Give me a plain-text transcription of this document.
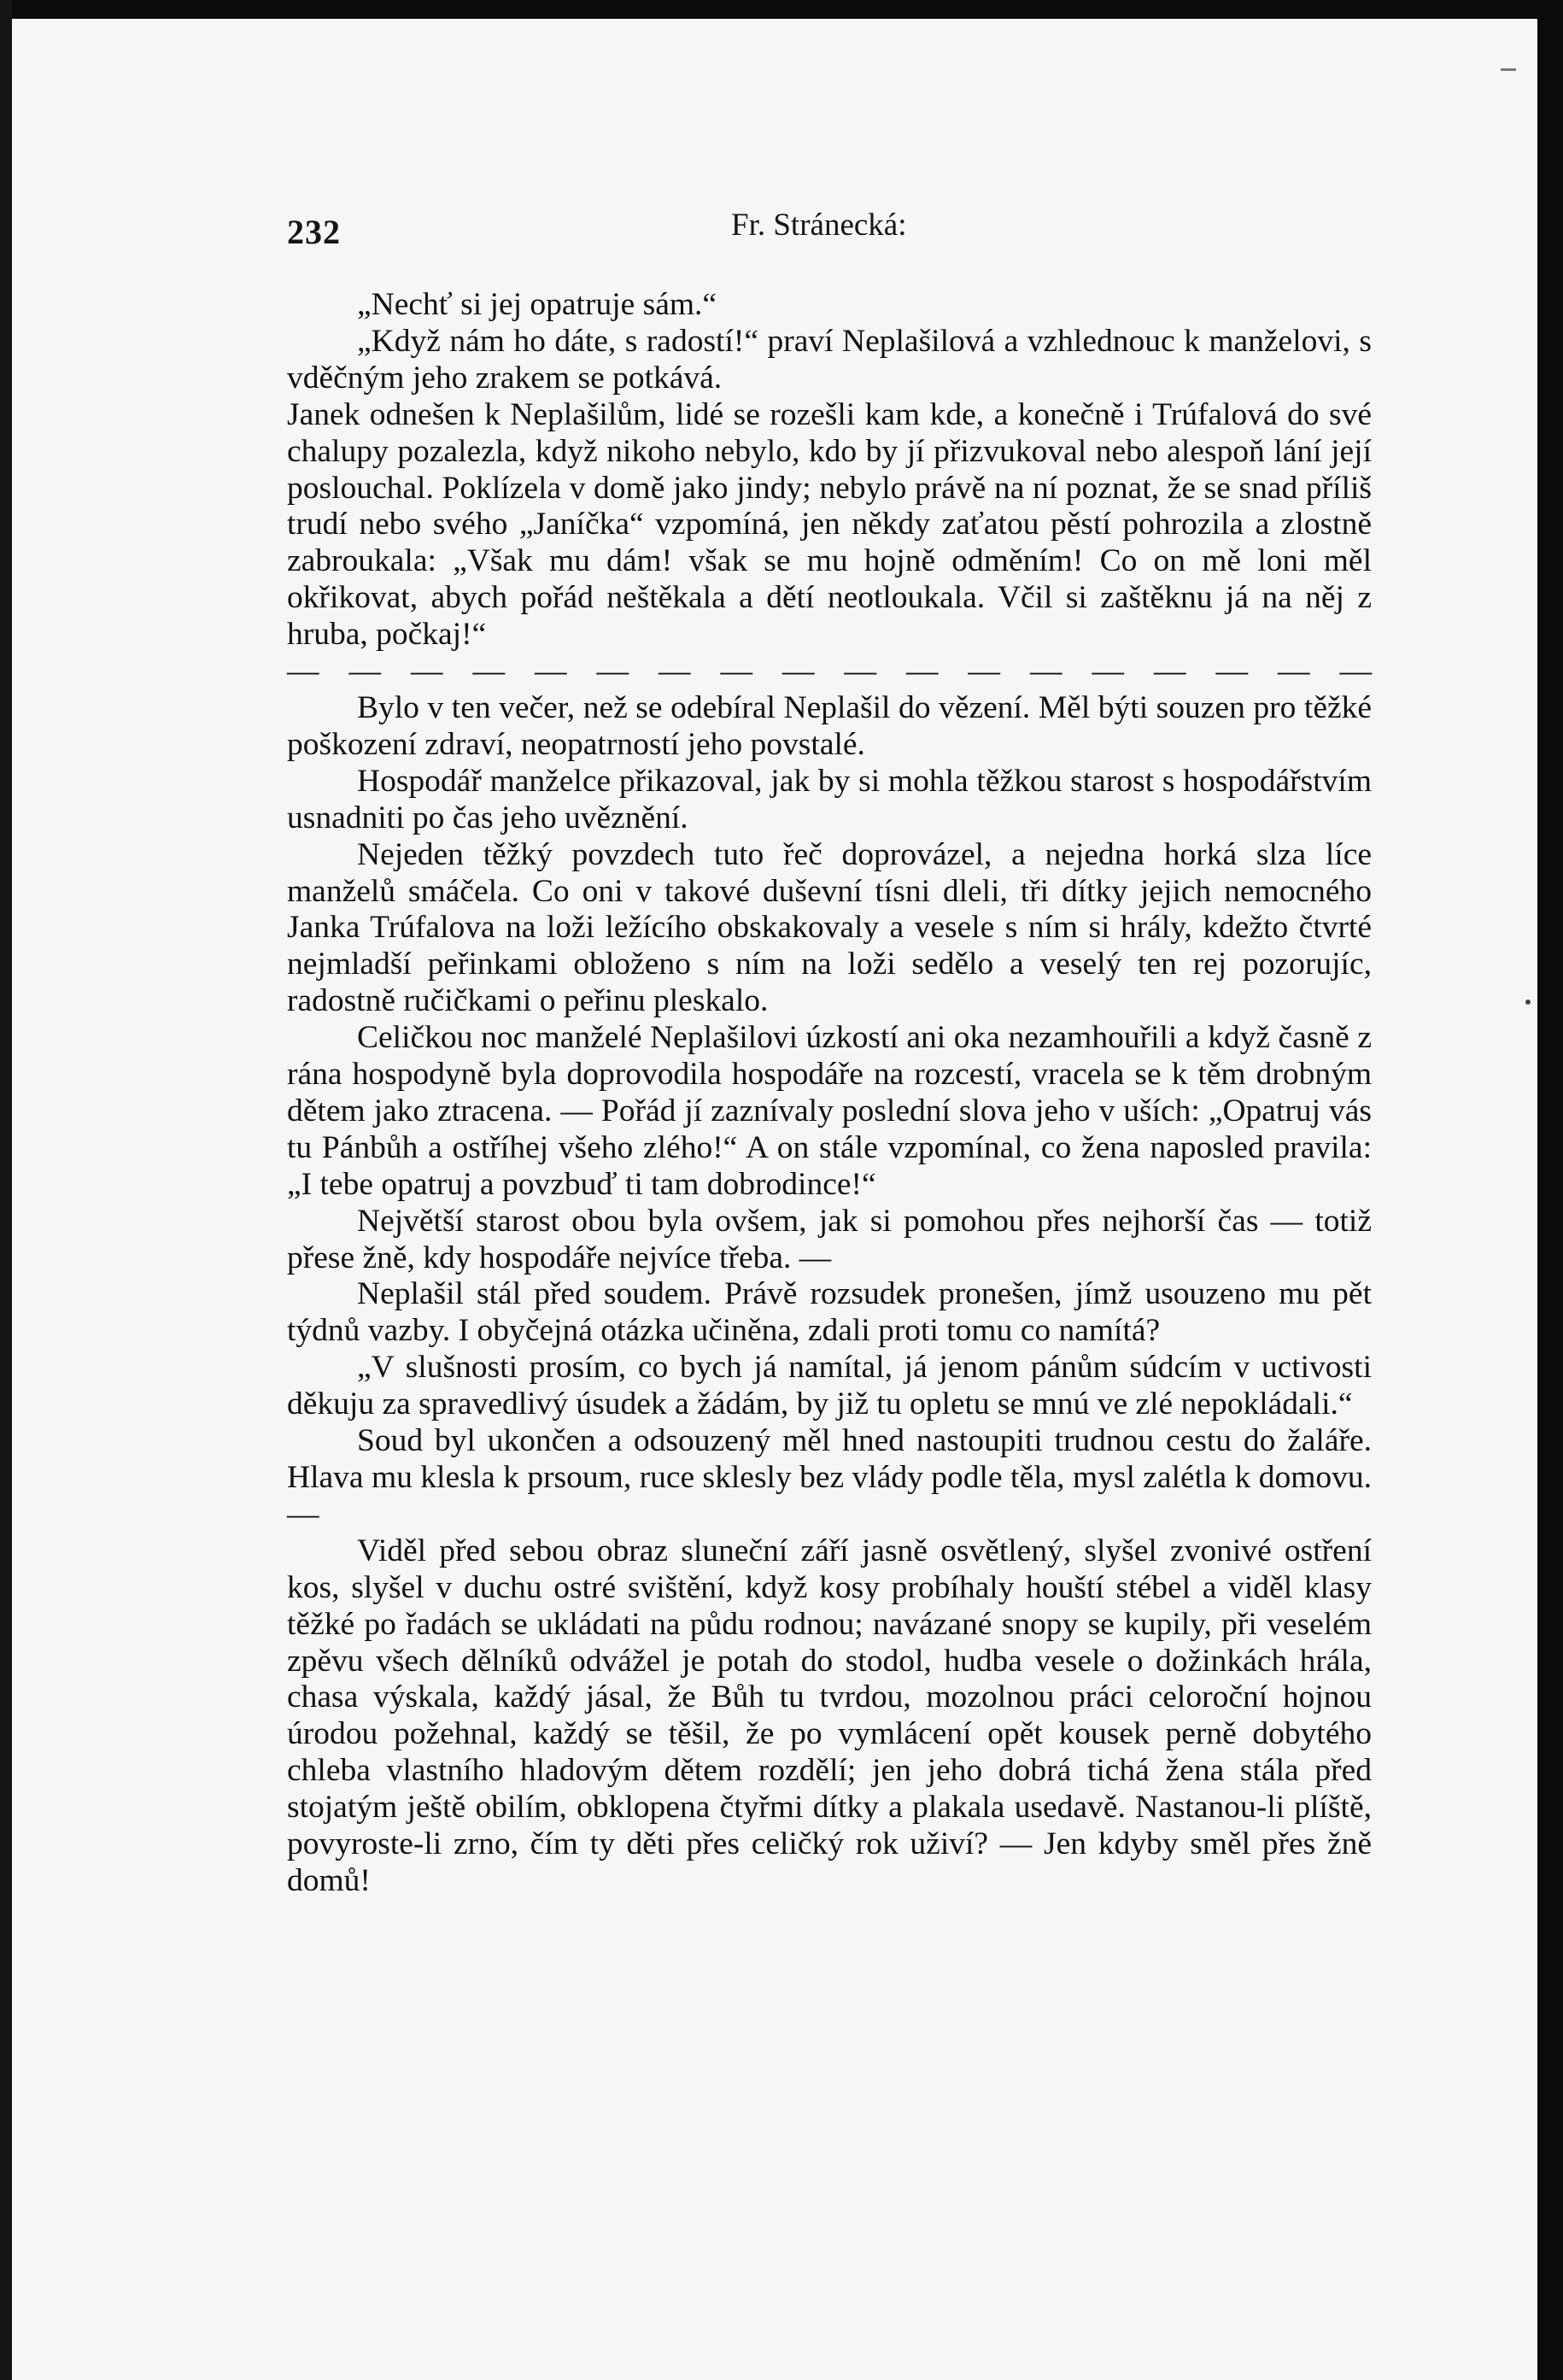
232	Fr. Stránecká:

„Nechť si jej opatruje sám.“

„Když nám ho dáte, s radostí!“ praví Neplašilová a vzhlednouc k manželovi, s vděčným jeho zrakem se potkává.

Janek odnešen k Neplašilům, lidé se rozešli kam kde, a konečně i Trúfalová do své chalupy pozalezla, když nikoho nebylo, kdo by jí přizvukoval nebo alespoň lání její poslouchal. Poklízela v domě jako jindy; nebylo právě na ní poznat, že se snad příliš trudí nebo svého „Janíčka“ vzpomíná, jen někdy zaťatou pěstí pohrozila a zlostně zabroukala: „Však mu dám! však se mu hojně odměním! Co on mě loni měl okřikovat, abych pořád neštěkala a dětí neotloukala. Včil si zaštěknu já na něj z hruba, počkaj!“

— — — — — — — — — — — — — — — — — —

Bylo v ten večer, než se odebíral Neplašil do vězení. Měl býti souzen pro těžké poškození zdraví, neopatrností jeho povstalé.

Hospodář manželce přikazoval, jak by si mohla těžkou starost s hospodářstvím usnadniti po čas jeho uvěznění.

Nejeden těžký povzdech tuto řeč doprovázel, a nejedna horká slza líce manželů smáčela. Co oni v takové duševní tísni dleli, tři dítky jejich nemocného Janka Trúfalova na loži ležícího obskakovaly a vesele s ním si hrály, kdežto čtvrté nejmladší peřinkami obloženo s ním na loži sedělo a veselý ten rej pozorujíc, radostně ručičkami o peřinu pleskalo.

Celičkou noc manželé Neplašilovi úzkostí ani oka nezamhouřili a když časně z rána hospodyně byla doprovodila hospodáře na rozcestí, vracela se k těm drobným dětem jako ztracena. — Pořád jí zaznívaly poslední slova jeho v uších: „Opatruj vás tu Pánbůh a ostříhej všeho zlého!“ A on stále vzpomínal, co žena naposled pravila: „I tebe opatruj a povzbuď ti tam dobrodince!“

Největší starost obou byla ovšem, jak si pomohou přes nejhorší čas — totiž přese žně, kdy hospodáře nejvíce třeba. —

Neplašil stál před soudem. Právě rozsudek pronešen, jímž usouzeno mu pět týdnů vazby. I obyčejná otázka učiněna, zdali proti tomu co namítá?

„V slušnosti prosím, co bych já namítal, já jenom pánům súdcím v uctivosti děkuju za spravedlivý úsudek a žádám, by již tu opletu se mnú ve zlé nepokládali.“

Soud byl ukončen a odsouzený měl hned nastoupiti trudnou cestu do žaláře. Hlava mu klesla k prsoum, ruce sklesly bez vlády podle těla, mysl zalétla k domovu. —

Viděl před sebou obraz sluneční září jasně osvětlený, slyšel zvonivé ostření kos, slyšel v duchu ostré svištění, když kosy probíhaly houští stébel a viděl klasy těžké po řadách se ukládati na půdu rodnou; navázané snopy se kupily, při veselém zpěvu všech dělníků odvážel je potah do stodol, hudba vesele o dožinkách hrála, chasa výskala, každý jásal, že Bůh tu tvrdou, mozolnou práci celoroční hojnou úrodou požehnal, každý se těšil, že po vymlácení opět kousek perně dobytého chleba vlastního hladovým dětem rozdělí; jen jeho dobrá tichá žena stála před stojatým ještě obilím, obklopena čtyřmi dítky a plakala usedavě. Nastanou-li plíště, povyroste-li zrno, čím ty děti přes celičký rok uživí? — Jen kdyby směl přes žně domů!
